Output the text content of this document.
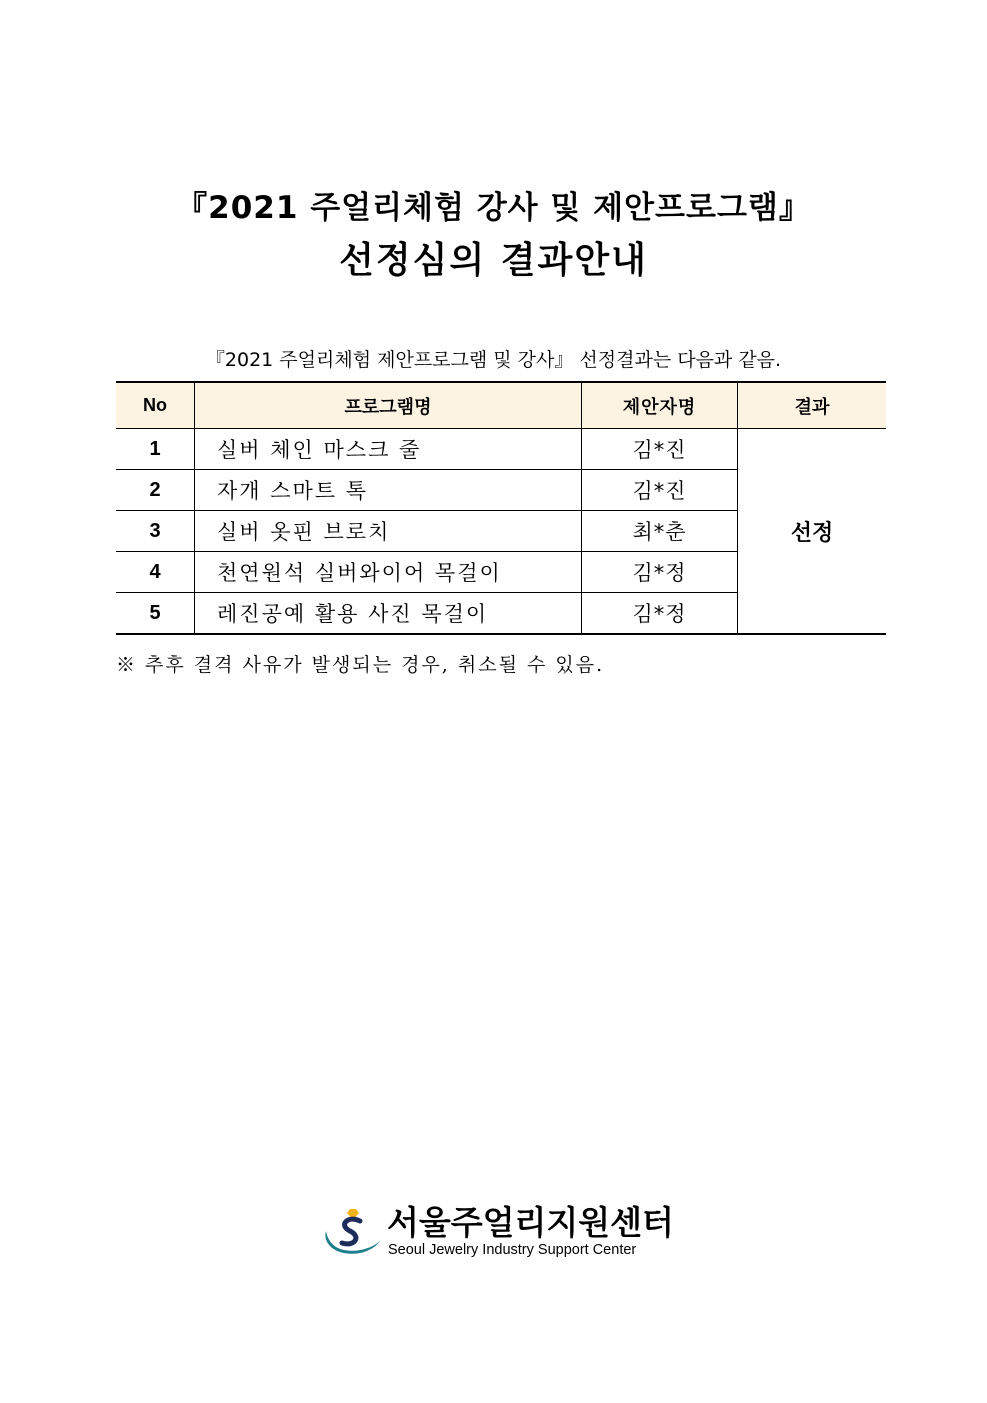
『2021 주얼리체험 강사 및 제안프로그램』
선정심의 결과안내
『2021 주얼리체험 제안프로그램 및 강사』 선정결과는 다음과 같음.
No	프로그램명	제안자명	결과
1	실버 체인 마스크 줄	김*진	선정
2	자개 스마트 톡	김*진	
3	실버 옷핀 브로치	최*춘	
4	천연원석 실버와이어 목걸이	김*정	
5	레진공예 활용 사진 목걸이	김*정	
※ 추후 결격 사유가 발생되는 경우, 취소될 수 있음.
서울주얼리지원센터
Seoul Jewelry Industry Support Center
